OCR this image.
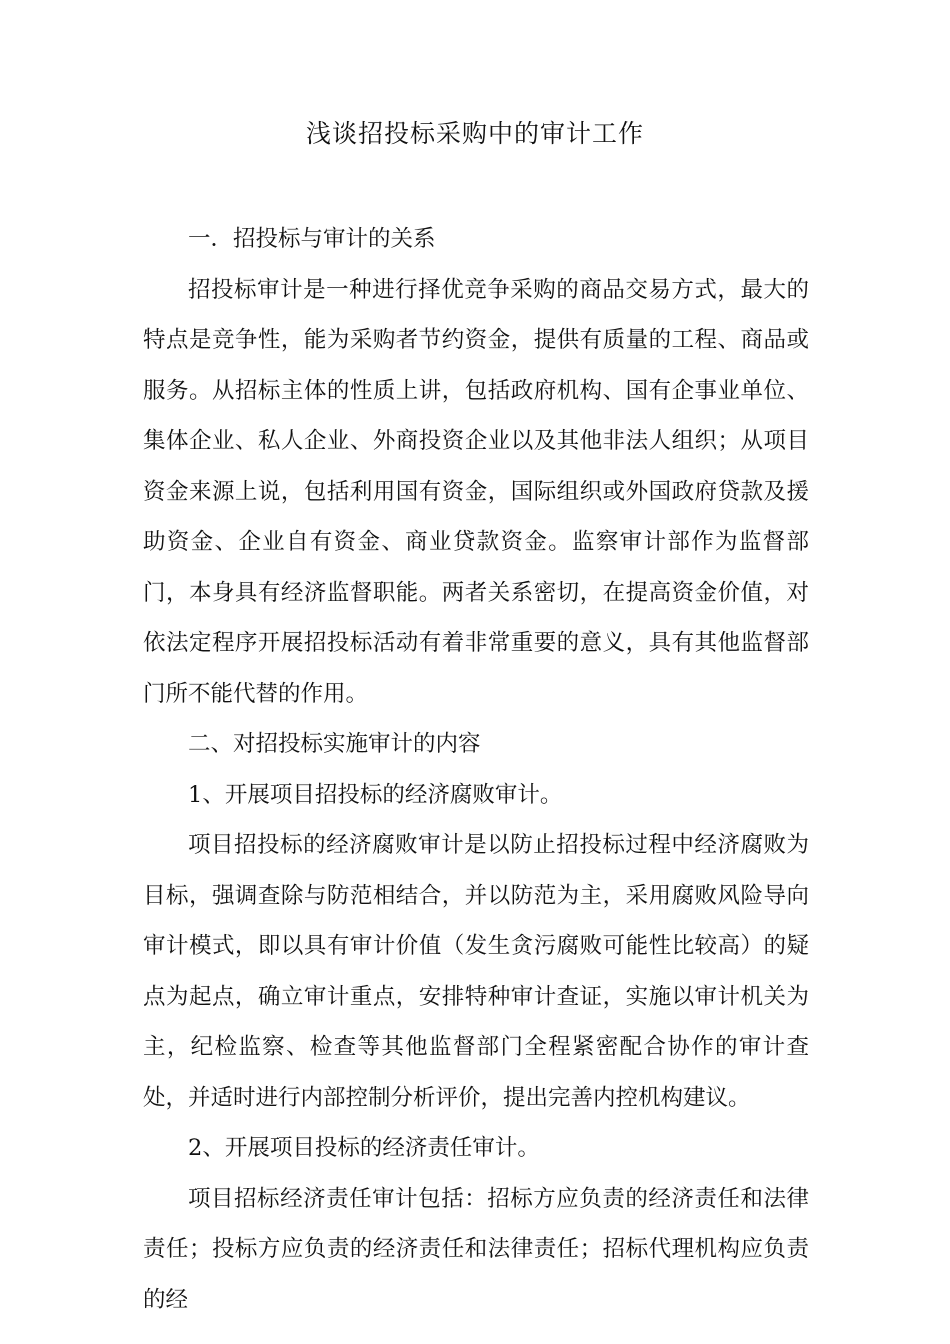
浅谈招投标采购中的审计工作
一．招投标与审计的关系

招投标审计是一种进行择优竞争采购的商品交易方式，最大的特点是竞争性，能为采购者节约资金，提供有质量的工程、商品或服务。从招标主体的性质上讲，包括政府机构、国有企事业单位、集体企业、私人企业、外商投资企业以及其他非法人组织；从项目资金来源上说，包括利用国有资金，国际组织或外国政府贷款及援助资金、企业自有资金、商业贷款资金。监察审计部作为监督部门，本身具有经济监督职能。两者关系密切，在提高资金价值，对依法定程序开展招投标活动有着非常重要的意义，具有其他监督部门所不能代替的作用。

二、对招投标实施审计的内容
1、开展项目招投标的经济腐败审计。

项目招投标的经济腐败审计是以防止招投标过程中经济腐败为目标，强调查除与防范相结合，并以防范为主，采用腐败风险导向审计模式，即以具有审计价值（发生贪污腐败可能性比较高）的疑点为起点，确立审计重点，安排特种审计查证，实施以审计机关为主，纪检监察、检查等其他监督部门全程紧密配合协作的审计查处，并适时进行内部控制分析评价，提出完善内控机构建议。

2、开展项目投标的经济责任审计。

项目招标经济责任审计包括：招标方应负责的经济责任和法律责任；投标方应负责的经济责任和法律责任；招标代理机构应负责的经
